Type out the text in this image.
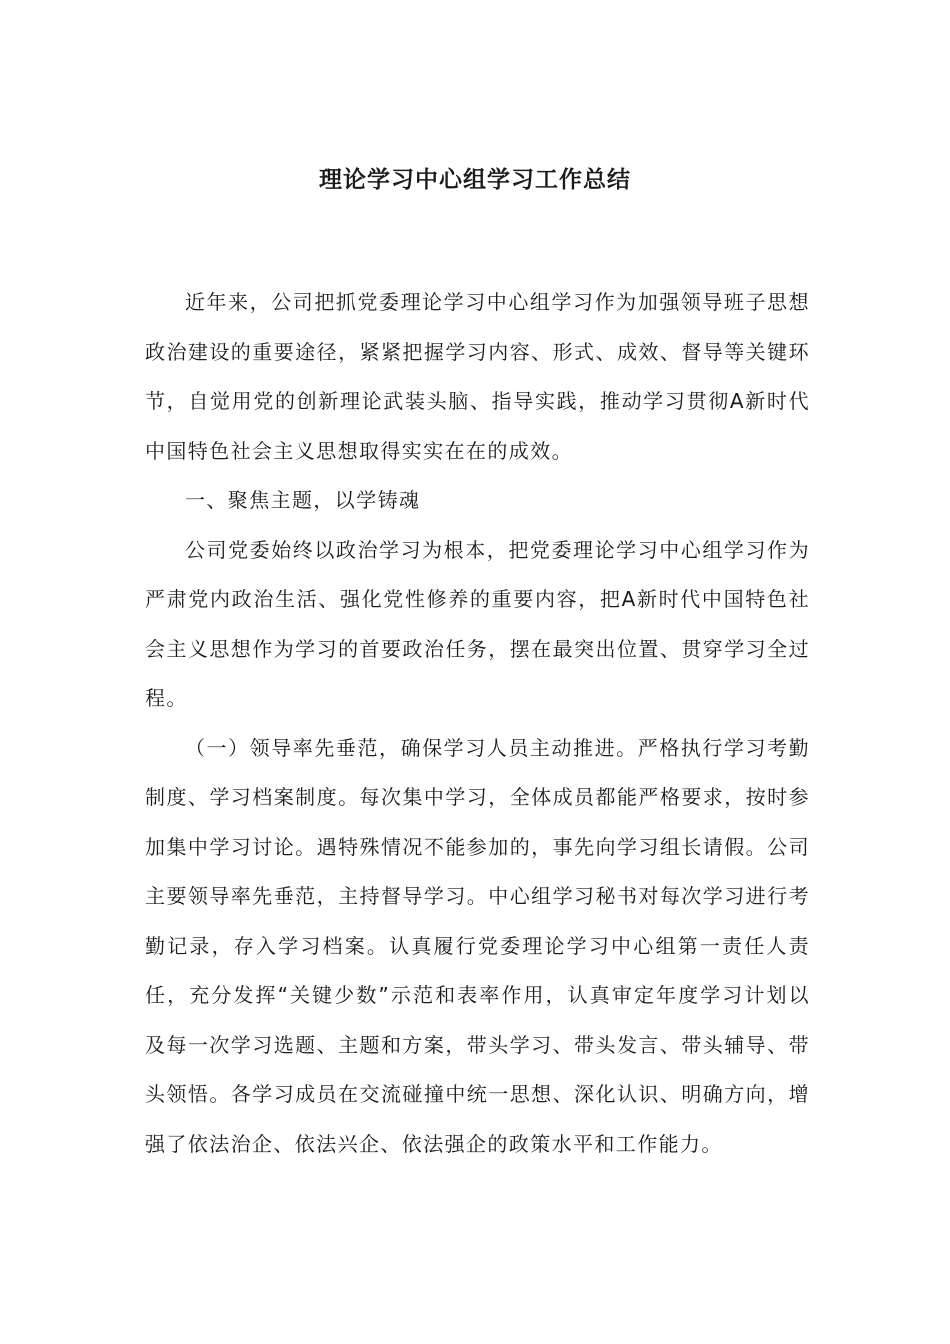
理论学习中心组学习工作总结

近年来，公司把抓党委理论学习中心组学习作为加强领导班子思想政治建设的重要途径，紧紧把握学习内容、形式、成效、督导等关键环节，自觉用党的创新理论武装头脑、指导实践，推动学习贯彻A新时代中国特色社会主义思想取得实实在在的成效。

一、聚焦主题，以学铸魂

公司党委始终以政治学习为根本，把党委理论学习中心组学习作为严肃党内政治生活、强化党性修养的重要内容，把A新时代中国特色社会主义思想作为学习的首要政治任务，摆在最突出位置、贯穿学习全过程。

（一）领导率先垂范，确保学习人员主动推进。严格执行学习考勤制度、学习档案制度。每次集中学习，全体成员都能严格要求，按时参加集中学习讨论。遇特殊情况不能参加的，事先向学习组长请假。公司主要领导率先垂范，主持督导学习。中心组学习秘书对每次学习进行考勤记录，存入学习档案。认真履行党委理论学习中心组第一责任人责任，充分发挥“关键少数”示范和表率作用，认真审定年度学习计划以及每一次学习选题、主题和方案，带头学习、带头发言、带头辅导、带头领悟。各学习成员在交流碰撞中统一思想、深化认识、明确方向，增强了依法治企、依法兴企、依法强企的政策水平和工作能力。
